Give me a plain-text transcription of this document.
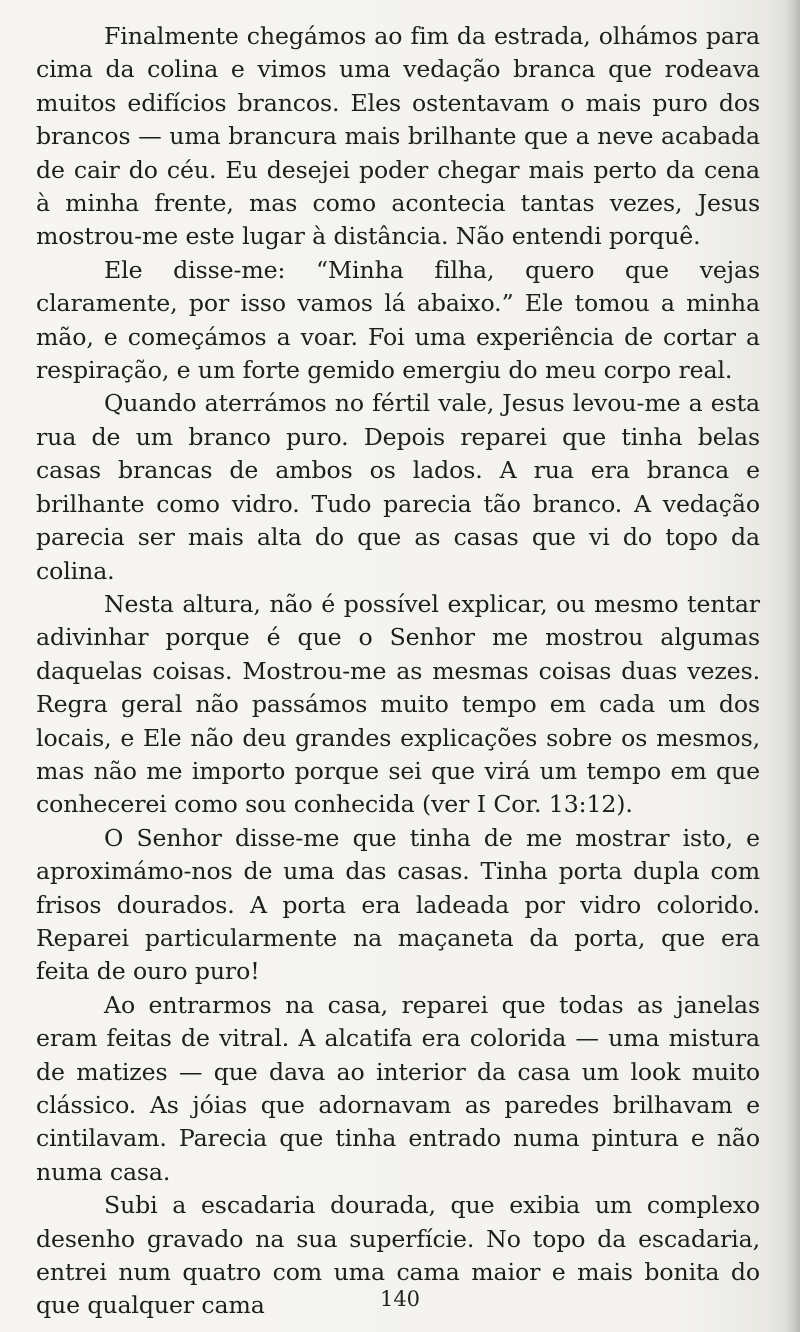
Finalmente chegámos ao fim da estrada, olhámos para cima da colina e vimos uma vedação branca que rodeava muitos edifícios brancos. Eles ostentavam o mais puro dos brancos — uma brancura mais brilhante que a neve acabada de cair do céu. Eu desejei poder chegar mais perto da cena à minha frente, mas como acontecia tantas vezes, Jesus mostrou-me este lugar à distância. Não entendi porquê.

Ele disse-me: “Minha filha, quero que vejas claramente, por isso vamos lá abaixo.” Ele tomou a minha mão, e começámos a voar. Foi uma experiência de cortar a respiração, e um forte gemido emergiu do meu corpo real.

Quando aterrámos no fértil vale, Jesus levou-me a esta rua de um branco puro. Depois reparei que tinha belas casas brancas de ambos os lados. A rua era branca e brilhante como vidro. Tudo parecia tão branco. A vedação parecia ser mais alta do que as casas que vi do topo da colina.

Nesta altura, não é possível explicar, ou mesmo tentar adivinhar porque é que o Senhor me mostrou algumas daquelas coisas. Mostrou-me as mesmas coisas duas vezes. Regra geral não passámos muito tempo em cada um dos locais, e Ele não deu grandes explicações sobre os mesmos, mas não me importo porque sei que virá um tempo em que conhecerei como sou conhecida (ver I Cor. 13:12).

O Senhor disse-me que tinha de me mostrar isto, e aproximámo-nos de uma das casas. Tinha porta dupla com frisos dourados. A porta era ladeada por vidro colorido. Reparei particularmente na maçaneta da porta, que era feita de ouro puro!

Ao entrarmos na casa, reparei que todas as janelas eram feitas de vitral. A alcatifa era colorida — uma mistura de matizes — que dava ao interior da casa um look muito clássico. As jóias que adornavam as paredes brilhavam e cintilavam. Parecia que tinha entrado numa pintura e não numa casa.

Subi a escadaria dourada, que exibia um complexo desenho gravado na sua superfície. No topo da escadaria, entrei num quatro com uma cama maior e mais bonita do que qualquer cama	140
